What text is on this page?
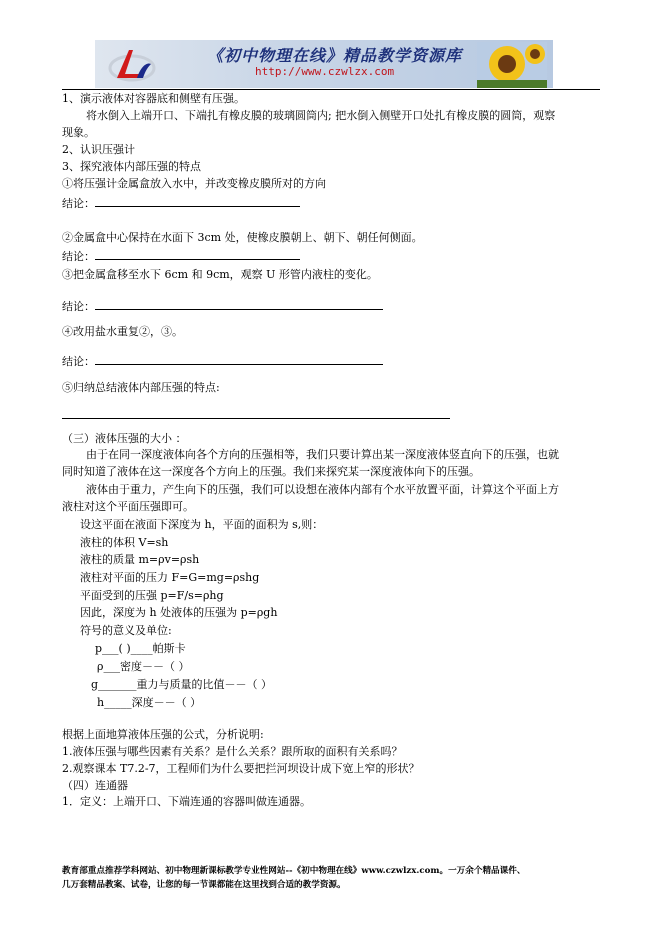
《初中物理在线》精品教学资源库
http://www.czwlzx.com
1、演示液体对容器底和侧壁有压强。
将水倒入上端开口、下端扎有橡皮膜的玻璃圆筒内; 把水倒入侧壁开口处扎有橡皮膜的圆筒，观察
现象。
2、认识压强计
3、探究液体内部压强的特点
①将压强计金属盒放入水中，并改变橡皮膜所对的方向
结论：
②金属盒中心保持在水面下 3cm 处，使橡皮膜朝上、朝下、朝任何侧面。
结论：
③把金属盒移至水下 6cm 和 9cm，观察 U 形管内液柱的变化。
结论：
④改用盐水重复②，③。
结论：
⑤归纳总结液体内部压强的特点:
（三）液体压强的大小 ：
由于在同一深度液体向各个方向的压强相等，我们只要计算出某一深度液体竖直向下的压强，也就
同时知道了液体在这一深度各个方向上的压强。我们来探究某一深度液体向下的压强。
液体由于重力，产生向下的压强，我们可以设想在液体内部有个水平放置平面，计算这个平面上方
液柱对这个平面压强即可。
设这平面在液面下深度为 h，平面的面积为 s,则：
液柱的体积 V=sh
液柱的质量 m=ρv=ρsh
液柱对平面的压力 F=G=mg=ρshg
平面受到的压强 p=F/s=ρhg
因此，深度为 h 处液体的压强为 p=ρgh
符号的意义及单位:
p___( )____帕斯卡
ρ___密度－－（ ）
g_______重力与质量的比值－－（ ）
h_____深度－－（ ）
根据上面地算液体压强的公式，分析说明:
1.液体压强与哪些因素有关系？是什么关系？跟所取的面积有关系吗？
2.观察课本 T7.2-7，工程师们为什么要把拦河坝设计成下宽上窄的形状？
（四）连通器
1．定义：上端开口、下端连通的容器叫做连通器。
教育部重点推荐学科网站、初中物理新课标教学专业性网站--《初中物理在线》www.czwlzx.com。一万余个精品课件、
几万套精品教案、试卷，让您的每一节课都能在这里找到合适的教学资源。
